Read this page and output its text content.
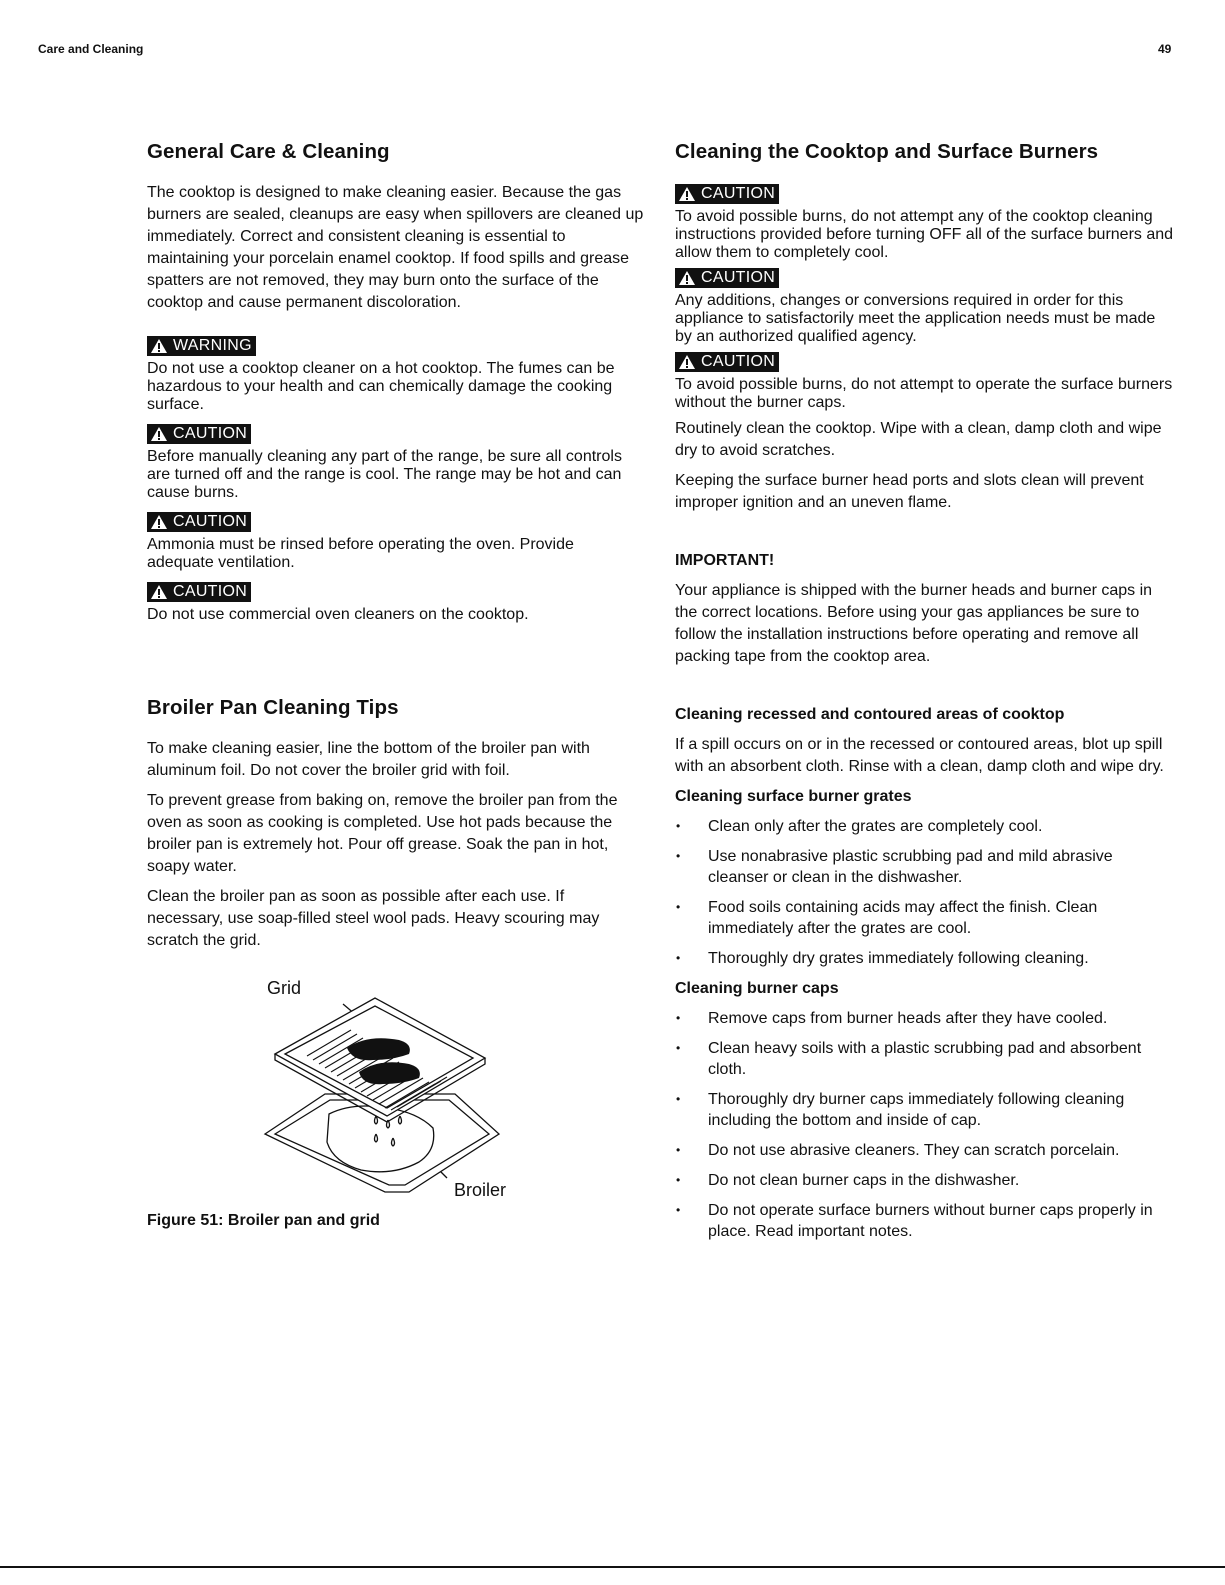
Care and Cleaning	49
General Care & Cleaning

The cooktop is designed to make cleaning easier. Because the gas burners are sealed, cleanups are easy when spillovers are cleaned up immediately. Correct and consistent cleaning is essential to maintaining your porcelain enamel cooktop. If food spills and grease spatters are not removed, they may burn onto the surface of the cooktop and cause permanent discoloration.

WARNING
Do not use a cooktop cleaner on a hot cooktop. The fumes can be hazardous to your health and can chemically damage the cooking surface.
CAUTION
Before manually cleaning any part of the range, be sure all controls are turned off and the range is cool. The range may be hot and can cause burns.
CAUTION
Ammonia must be rinsed before operating the oven. Provide adequate ventilation.
CAUTION
Do not use commercial oven cleaners on the cooktop.
Broiler Pan Cleaning Tips

To make cleaning easier, line the bottom of the broiler pan with aluminum foil. Do not cover the broiler grid with foil.

To prevent grease from baking on, remove the broiler pan from the oven as soon as cooking is completed. Use hot pads because the broiler pan is extremely hot. Pour off grease. Soak the pan in hot, soapy water.

Clean the broiler pan as soon as possible after each use. If necessary, use soap-filled steel wool pads. Heavy scouring may scratch the grid.

Grid
Broiler
Figure 51: Broiler pan and grid
Cleaning the Cooktop and Surface Burners
CAUTION
To avoid possible burns, do not attempt any of the cooktop cleaning instructions provided before turning OFF all of the surface burners and allow them to completely cool.
CAUTION
Any additions, changes or conversions required in order for this appliance to satisfactorily meet the application needs must be made by an authorized qualified agency.
CAUTION
To avoid possible burns, do not attempt to operate the surface burners without the burner caps.

Routinely clean the cooktop. Wipe with a clean, damp cloth and wipe dry to avoid scratches.

Keeping the surface burner head ports and slots clean will prevent improper ignition and an uneven flame.

IMPORTANT!

Your appliance is shipped with the burner heads and burner caps in the correct locations. Before using your gas appliances be sure to follow the installation instructions before operating and remove all packing tape from the cooktop area.

Cleaning recessed and contoured areas of cooktop

If a spill occurs on or in the recessed or contoured areas, blot up spill with an absorbent cloth. Rinse with a clean, damp cloth and wipe dry.

Cleaning surface burner grates
• Clean only after the grates are completely cool.
• Use nonabrasive plastic scrubbing pad and mild abrasive cleanser or clean in the dishwasher.
• Food soils containing acids may affect the finish. Clean immediately after the grates are cool.
• Thoroughly dry grates immediately following cleaning.
Cleaning burner caps
• Remove caps from burner heads after they have cooled.
• Clean heavy soils with a plastic scrubbing pad and absorbent cloth.
• Thoroughly dry burner caps immediately following cleaning including the bottom and inside of cap.
• Do not use abrasive cleaners. They can scratch porcelain.
• Do not clean burner caps in the dishwasher.
• Do not operate surface burners without burner caps properly in place. Read important notes.
